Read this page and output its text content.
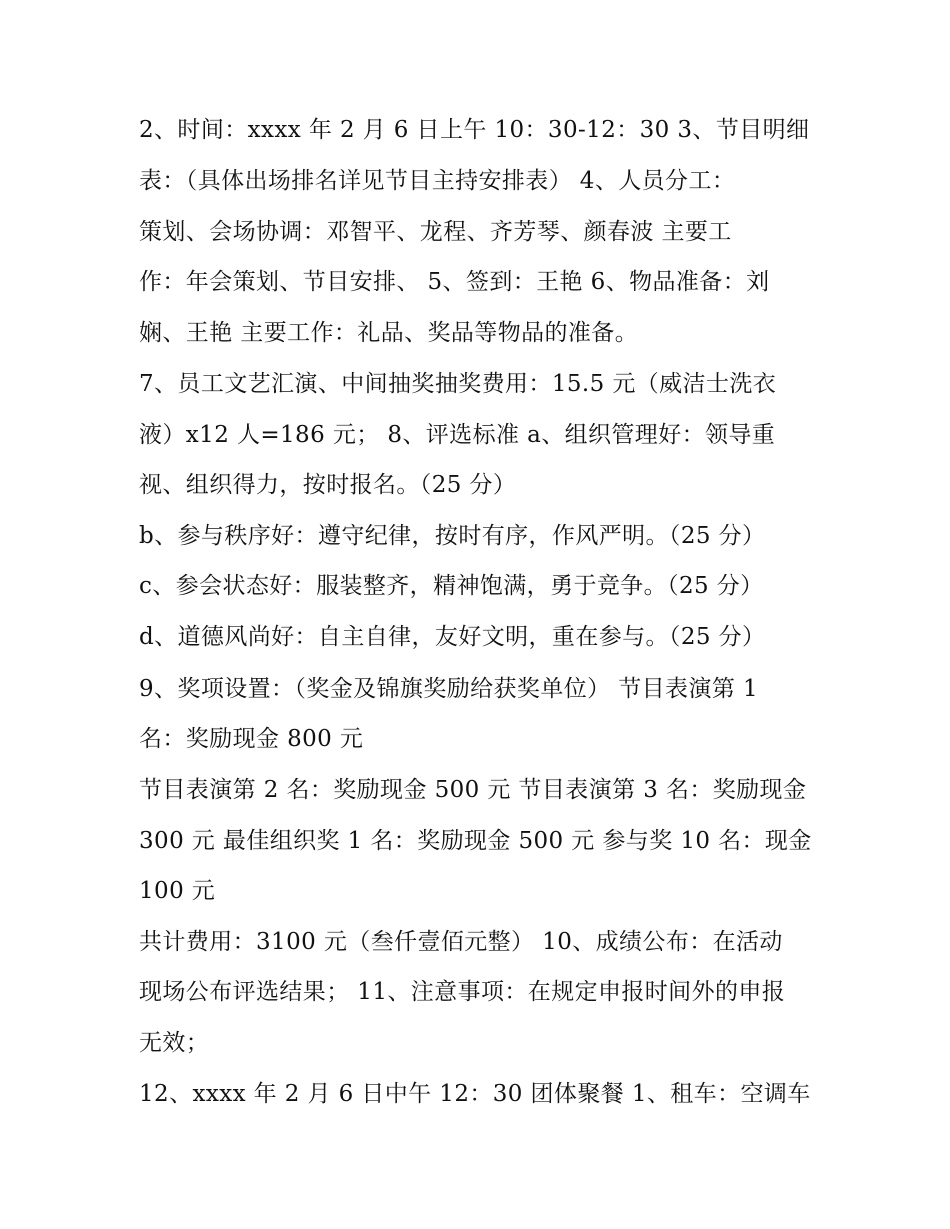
2、时间：xxxx 年 2 月 6 日上午 10：30-12：30 3、节目明细
表：（具体出场排名详见节目主持安排表） 4、人员分工：
策划、会场协调：邓智平、龙程、齐芳琴、颜春波 主要工
作：年会策划、节目安排、 5、签到：王艳 6、物品准备：刘
娴、王艳 主要工作：礼品、奖品等物品的准备。
7、员工文艺汇演、中间抽奖抽奖费用：15.5 元（威洁士洗衣
液）x12 人=186 元； 8、评选标准 a、组织管理好：领导重
视、组织得力，按时报名。（25 分）
b、参与秩序好：遵守纪律，按时有序，作风严明。（25 分）
c、参会状态好：服装整齐，精神饱满，勇于竞争。（25 分）
d、道德风尚好：自主自律，友好文明，重在参与。（25 分）
9、奖项设置：（奖金及锦旗奖励给获奖单位） 节目表演第 1
名：奖励现金 800 元
节目表演第 2 名：奖励现金 500 元 节目表演第 3 名：奖励现金
300 元 最佳组织奖 1 名：奖励现金 500 元 参与奖 10 名：现金
100 元
共计费用：3100 元（叁仟壹佰元整） 10、成绩公布：在活动
现场公布评选结果； 11、注意事项：在规定申报时间外的申报
无效；
12、xxxx 年 2 月 6 日中午 12：30 团体聚餐 1、租车：空调车
